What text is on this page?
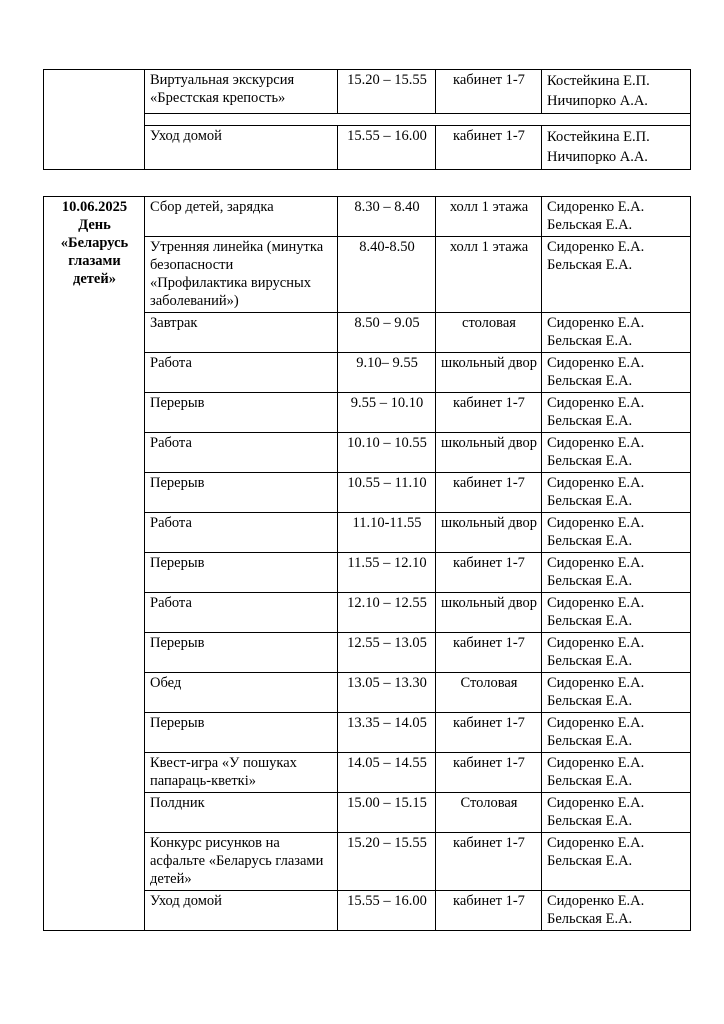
	Виртуальная экскурсия «Брестская крепость»	15.20 – 15.55	кабинет 1-7	Костейкина Е.П.
Ничипорко А.А.

	Уход домой	15.55 – 16.00	кабинет 1-7	Костейкина Е.П.
Ничипорко А.А.
10.06.2025
День
«Беларусь
глазами
детей»	Сбор детей, зарядка	8.30 – 8.40	холл 1 этажа	Сидоренко Е.А.
Бельская Е.А.

	Утренняя линейка (минутка безопасности «Профилактика вирусных заболеваний»)	8.40-8.50	холл 1 этажа	Сидоренко Е.А.
Бельская Е.А.

	Завтрак	8.50 – 9.05	столовая	Сидоренко Е.А.
Бельская Е.А.

	Работа	9.10– 9.55	школьный двор	Сидоренко Е.А.
Бельская Е.А.

	Перерыв	9.55 – 10.10	кабинет 1-7	Сидоренко Е.А.
Бельская Е.А.

	Работа	10.10 – 10.55	школьный двор	Сидоренко Е.А.
Бельская Е.А.

	Перерыв	10.55 – 11.10	кабинет 1-7	Сидоренко Е.А.
Бельская Е.А.

	Работа	11.10-11.55	школьный двор	Сидоренко Е.А.
Бельская Е.А.

	Перерыв	11.55 – 12.10	кабинет 1-7	Сидоренко Е.А.
Бельская Е.А.

	Работа	12.10 – 12.55	школьный двор	Сидоренко Е.А.
Бельская Е.А.

	Перерыв	12.55 – 13.05	кабинет 1-7	Сидоренко Е.А.
Бельская Е.А.

	Обед	13.05 – 13.30	Столовая	Сидоренко Е.А.
Бельская Е.А.

	Перерыв	13.35 – 14.05	кабинет 1-7	Сидоренко Е.А.
Бельская Е.А.

	Квест-игра «У пошуках папараць-кветкі»	14.05 – 14.55	кабинет 1-7	Сидоренко Е.А.
Бельская Е.А.

	Полдник	15.00 – 15.15	Столовая	Сидоренко Е.А.
Бельская Е.А.

	Конкурс рисунков на асфальте «Беларусь глазами детей»	15.20 – 15.55	кабинет 1-7	Сидоренко Е.А.
Бельская Е.А.

	Уход домой	15.55 – 16.00	кабинет 1-7	Сидоренко Е.А.
Бельская Е.А.
